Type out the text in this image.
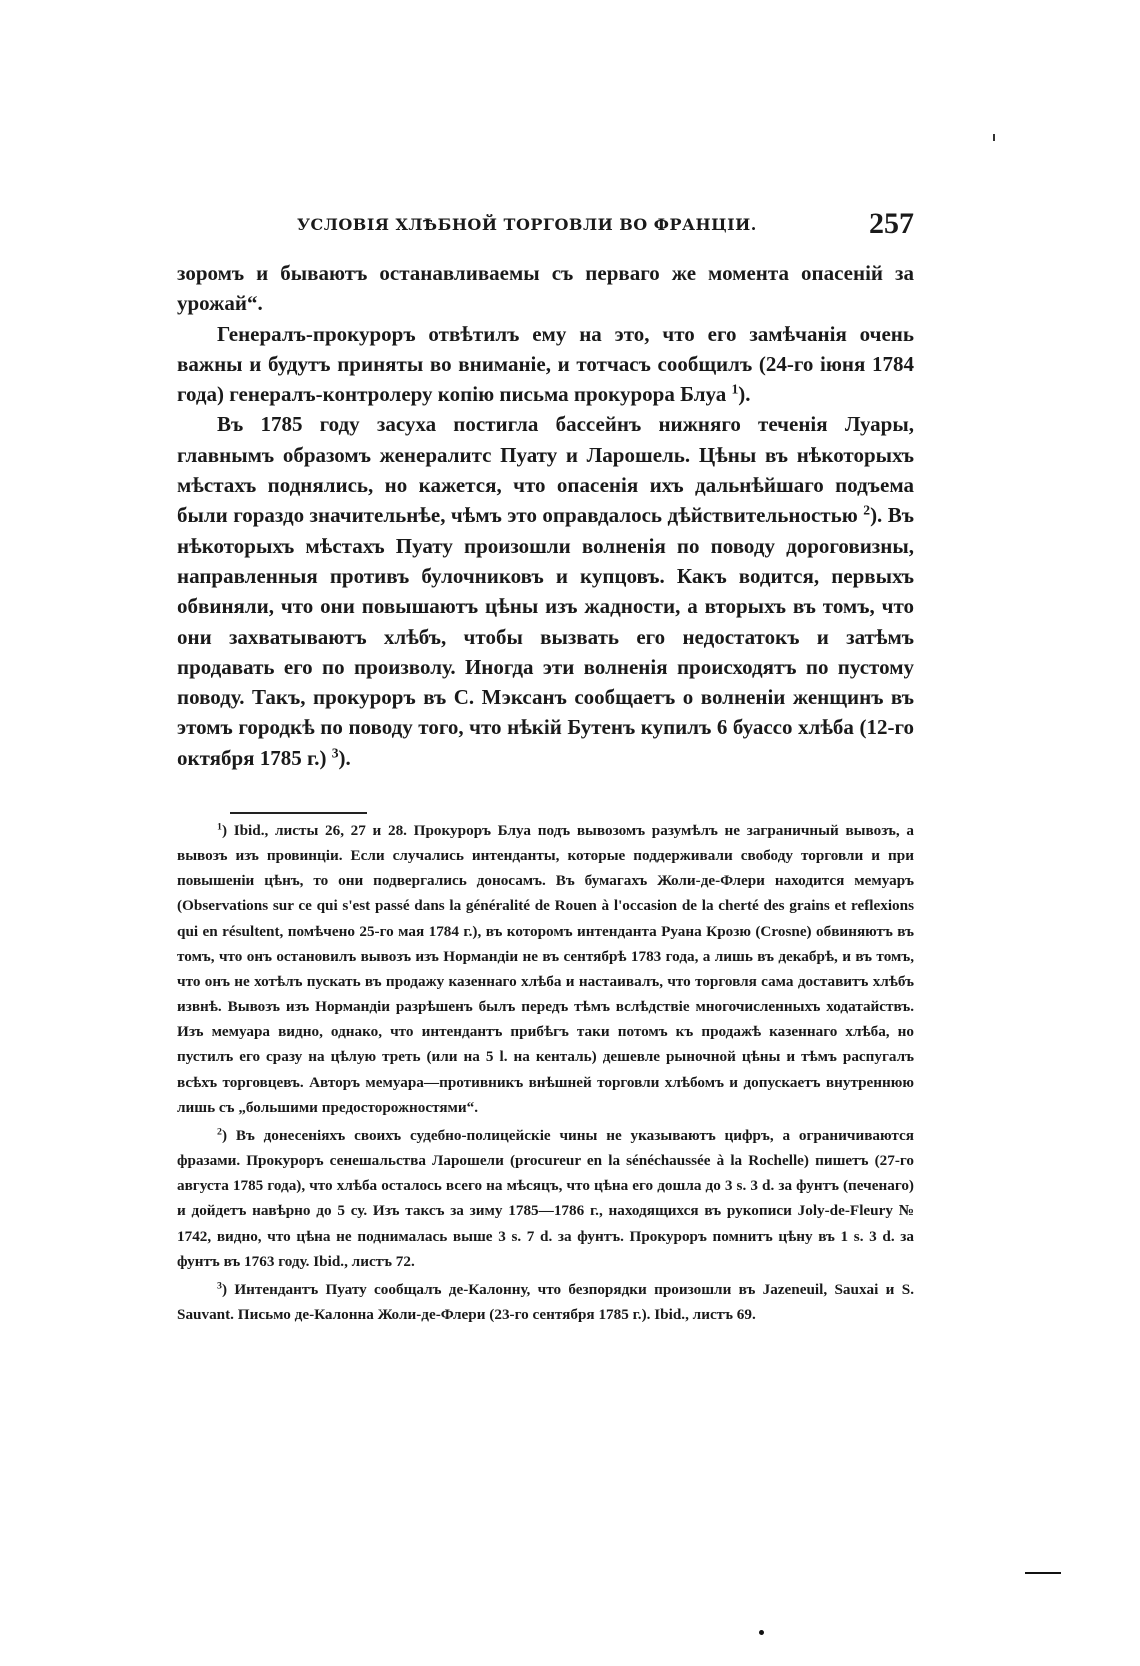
УСЛОВІЯ ХЛѢБНОЙ ТОРГОВЛИ ВО ФРАНЦІИ.	257

зоромъ и бываютъ останавливаемы съ перваго же момента опасеній за урожай“.

Генералъ-прокуроръ отвѣтилъ ему на это, что его замѣчанія очень важны и будутъ приняты во вниманіе, и тотчасъ сообщилъ (24-го іюня 1784 года) генералъ-контролеру копію письма прокурора Блуа $^1$).

Въ 1785 году засуха постигла бассейнъ нижняго теченія Луары, главнымъ образомъ женералитс Пуату и Ларошель. Цѣны въ нѣкоторыхъ мѣстахъ поднялись, но кажется, что опасенія ихъ дальнѣйшаго подъема были гораздо значительнѣе, чѣмъ это оправдалось дѣйствительностью $^2$). Въ нѣкоторыхъ мѣстахъ Пуату произошли волненія по поводу дороговизны, направленныя противъ булочниковъ и купцовъ. Какъ водится, первыхъ обвиняли, что они повышаютъ цѣны изъ жадности, а вторыхъ въ томъ, что они захватываютъ хлѣбъ, чтобы вызвать его недостатокъ и затѣмъ продавать его по произволу. Иногда эти волненія происходятъ по пустому поводу. Такъ, прокуроръ въ С. Мэксанъ сообщаетъ о волненіи женщинъ въ этомъ городкѣ по поводу того, что нѣкій Бутенъ купилъ 6 буассо хлѣба (12-го октября 1785 г.) $^3$).

$^1$) Ibid., листы 26, 27 и 28. Прокуроръ Блуа подъ вывозомъ разумѣлъ не заграничный вывозъ, а вывозъ изъ провинціи. Если случались интенданты, которые поддерживали свободу торговли и при повышеніи цѣнъ, то они подвергались доносамъ. Въ бумагахъ Жоли-де-Флери находится мемуаръ (Observations sur ce qui s'est passé dans la généralité de Rouen à l'occasion de la cherté des grains et reflexions qui en résultent, помѣчено 25-го мая 1784 г.), въ которомъ интенданта Руана Крозю (Crosne) обвиняютъ въ томъ, что онъ остановилъ вывозъ изъ Нормандіи не въ сентябрѣ 1783 года, а лишь въ декабрѣ, и въ томъ, что онъ не хотѣлъ пускать въ продажу казеннаго хлѣба и настаивалъ, что торговля сама доставитъ хлѣбъ извнѣ. Вывозъ изъ Нормандіи разрѣшенъ былъ передъ тѣмъ вслѣдствіе многочисленныхъ ходатайствъ. Изъ мемуара видно, однако, что интендантъ прибѣгъ таки потомъ къ продажѣ казеннаго хлѣба, но пустилъ его сразу на цѣлую треть (или на 5 l. на кенталь) дешевле рыночной цѣны и тѣмъ распугалъ всѣхъ торговцевъ. Авторъ мемуара—противникъ внѣшней торговли хлѣбомъ и допускаетъ внутреннюю лишь съ „большими предосторожностями“.

$^2$) Въ донесеніяхъ своихъ судебно-полицейскіе чины не указываютъ цифръ, а ограничиваются фразами. Прокуроръ сенешальства Ларошели (procureur en la sénéchaussée à la Rochelle) пишетъ (27-го августа 1785 года), что хлѣба осталось всего на мѣсяцъ, что цѣна его дошла до 3 s. 3 d. за фунтъ (печенаго) и дойдетъ навѣрно до 5 су. Изъ таксъ за зиму 1785—1786 г., находящихся въ рукописи Joly-de-Fleury № 1742, видно, что цѣна не поднималась выше 3 s. 7 d. за фунтъ. Прокуроръ помнитъ цѣну въ 1 s. 3 d. за фунтъ въ 1763 году. Ibid., листъ 72.

$^3$) Интендантъ Пуату сообщалъ де-Калонну, что безпорядки произошли въ Jazeneuil, Sauxai и S. Sauvant. Письмо де-Калонна Жоли-де-Флери (23-го сентября 1785 г.). Ibid., листъ 69.
